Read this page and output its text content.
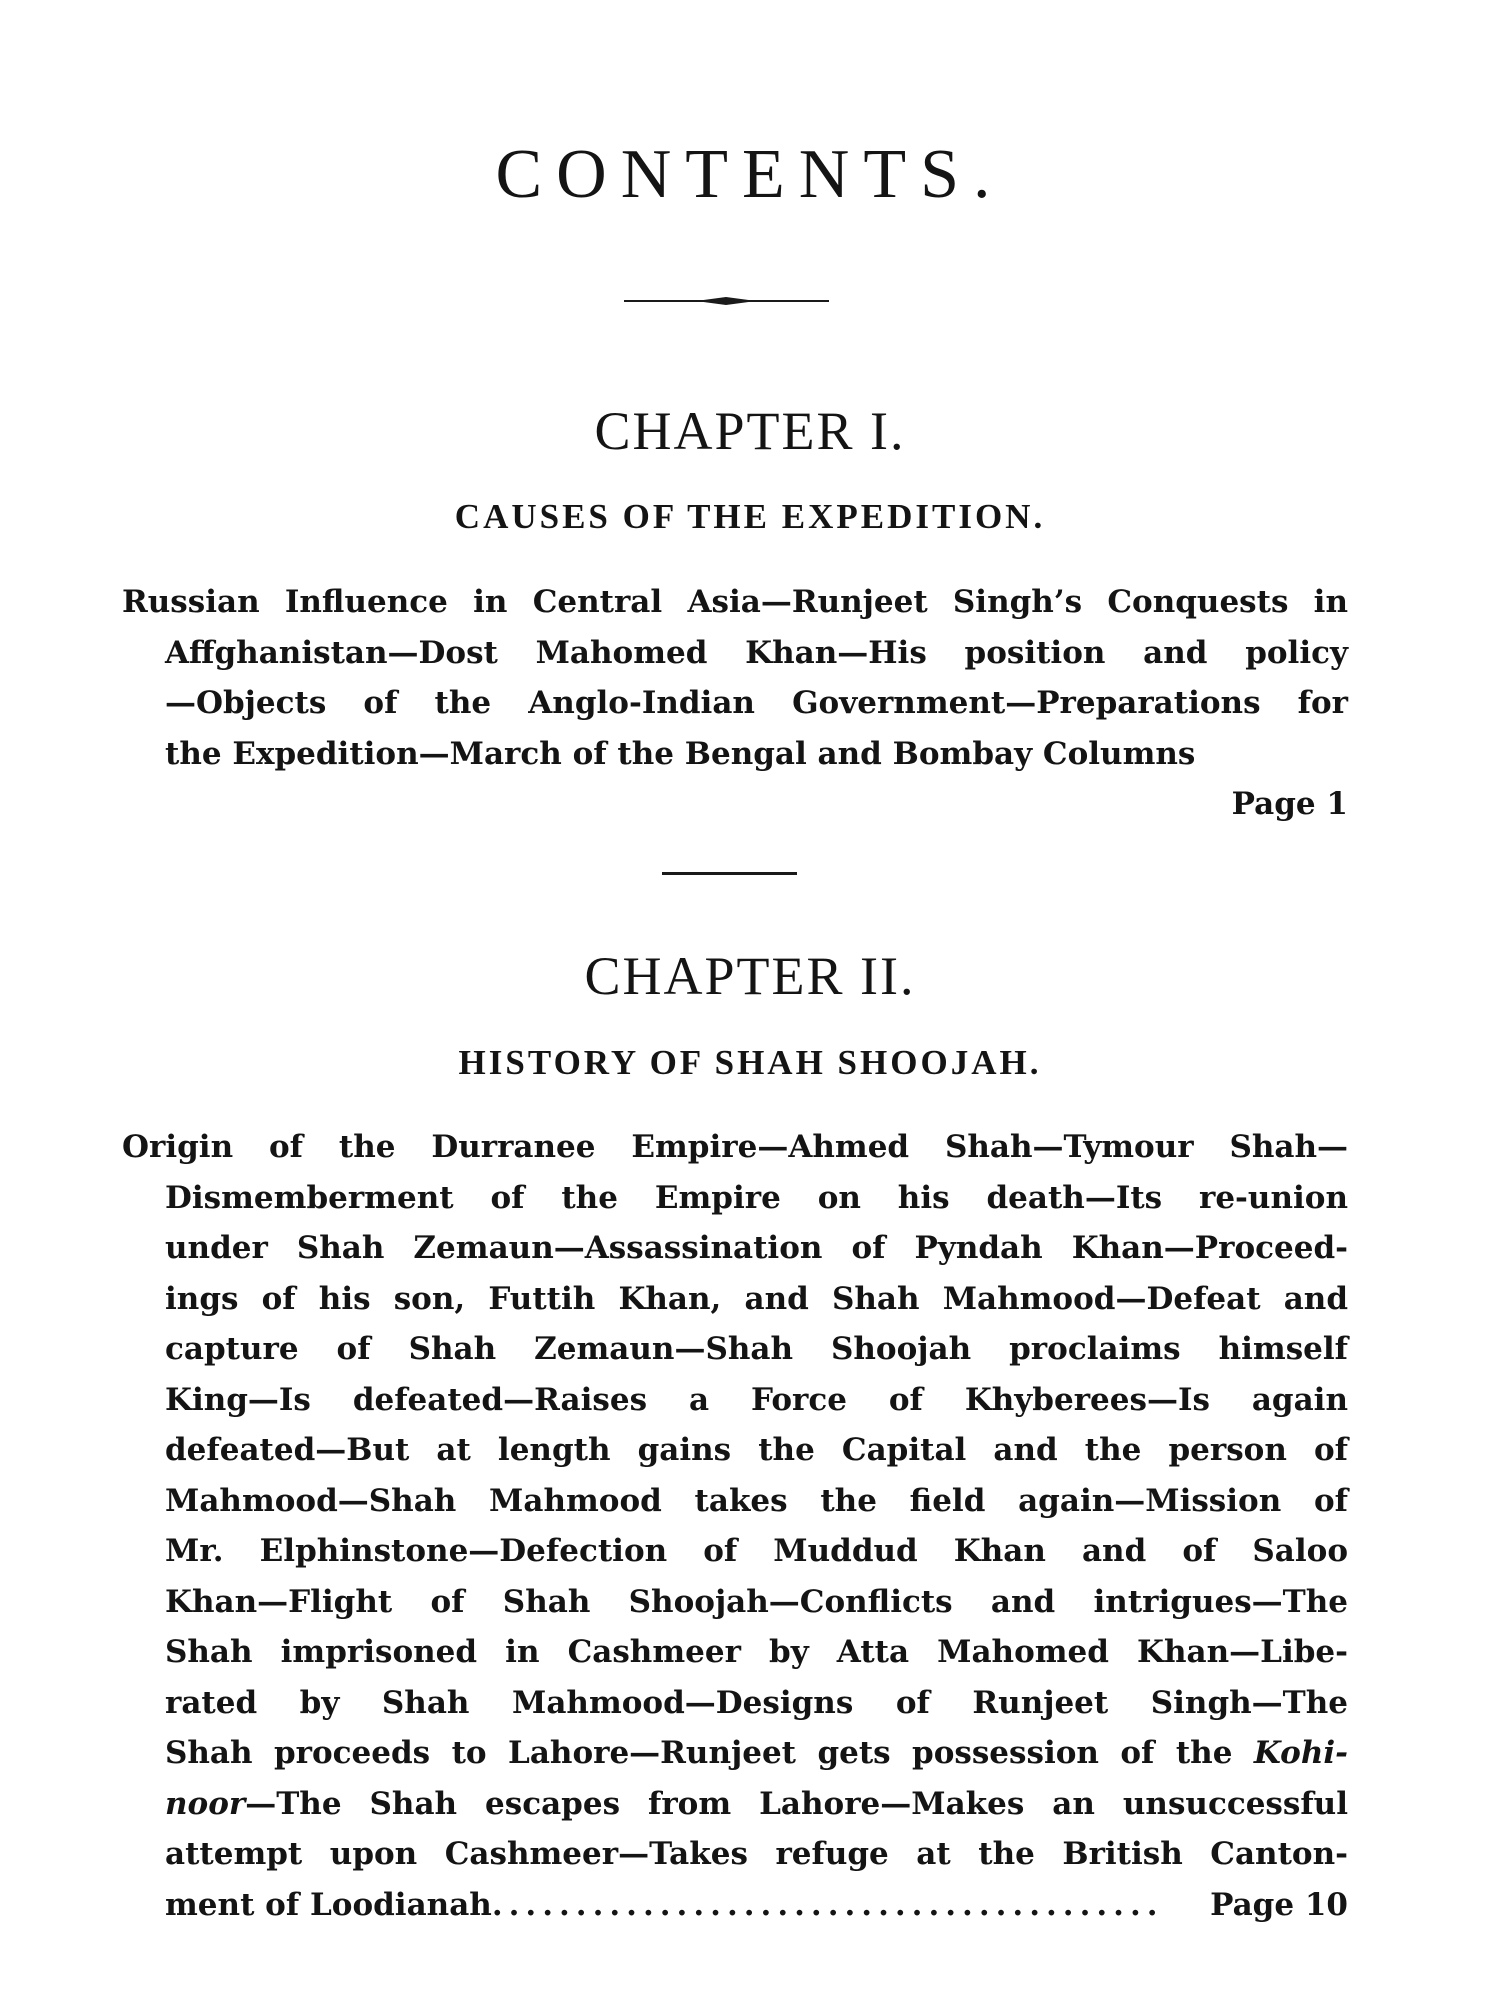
CONTENTS.
CHAPTER I.
CAUSES OF THE EXPEDITION.
Russian Influence in Central Asia—Runjeet Singh’s Conquests in
Affghanistan—Dost Mahomed Khan—His position and policy
—Objects of the Anglo-Indian Government—Preparations for
the Expedition—March of the Bengal and Bombay Columns
Page 1
CHAPTER II.
HISTORY OF SHAH SHOOJAH.
Origin of the Durranee Empire—Ahmed Shah—Tymour Shah—
Dismemberment of the Empire on his death—Its re-union
under Shah Zemaun—Assassination of Pyndah Khan—Proceed-
ings of his son, Futtih Khan, and Shah Mahmood—Defeat and
capture of Shah Zemaun—Shah Shoojah proclaims himself
King—Is defeated—Raises a Force of Khyberees—Is again
defeated—But at length gains the Capital and the person of
Mahmood—Shah Mahmood takes the field again—Mission of
Mr. Elphinstone—Defection of Muddud Khan and of Saloo
Khan—Flight of Shah Shoojah—Conflicts and intrigues—The
Shah imprisoned in Cashmeer by Atta Mahomed Khan—Libe-
rated by Shah Mahmood—Designs of Runjeet Singh—The
Shah proceeds to Lahore—Runjeet gets possession of the Kohi-
noor—The Shah escapes from Lahore—Makes an unsuccessful
attempt upon Cashmeer—Takes refuge at the British Canton-
ment of Loodianah ........................................	Page 10
